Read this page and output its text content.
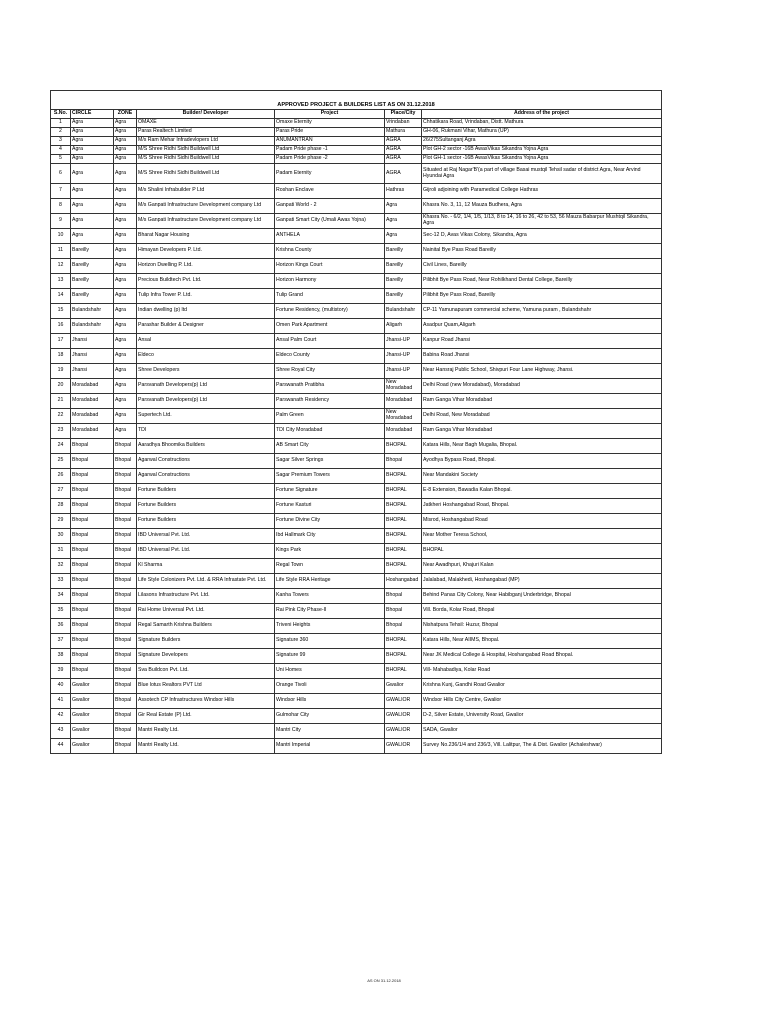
APPROVED PROJECT & BUILDERS LIST AS ON 31.12.2018
S.No.	CIRCLE	ZONE	Builder/ Developer	Project	Place/City	Address of the project
1	Agra	Agra	OMAXE	Omaxe Eternity	Vrindaban	Chhatikara Road, Vrindaban, Distt. Mathura
2	Agra	Agra	Paras Realtech Limited	Paras Pride	Mathura	GH-06, Rukmani Vihar, Mathura (UP)
3	Agra	Agra	M/s Ram Mehar Infradevlopers Ltd	ANUMANTRAN	AGRA	26/275Sultanganj Agra
4	Agra	Agra	M/S Shree Ridhi Sidhi Buildwell Ltd	Padam Pride phase -1	AGRA	Plot GH-2 sector -16B AwasVikas Sikandra Yojna Agra
5	Agra	Agra	M/S Shree Ridhi Sidhi Buildwell Ltd	Padam Pride phase -2	AGRA	Plot GH-1 sector -16B AwasVikas Sikandra Yojna Agra
6	Agra	Agra	M/S Shree Ridhi Sidhi Buildwell Ltd	Padam Eternity	AGRA	Situated at Raj Nagar'B'(a part of village Basai mustqil Tehsil sadar of district Agra, Near Arvind Hyundai Agra
7	Agra	Agra	M/s Shalini Infrabuilder P Ltd	Roshan Enclave	Hathras	Gijroli adjoining with Paramedical College Hathras
8	Agra	Agra	M/s Ganpati Infrastructure Development company Ltd	Ganpati World - 2	Agra	Khasra No. 3, 11, 12 Mauza Budhera, Agra
9	Agra	Agra	M/s Ganpati Infrastructure Development company Ltd	Ganpati Smart City (Umali Awas Yojna)	Agra	Khasra No. - 6/2, 1/4, 1/5, 1/13, 8 to 14, 16 to 26, 42 to 53, 56 Mauza Babarpur Mushtqil Sikandra, Agra
10	Agra	Agra	Bharat Nagar Housing	ANTHELA	Agra	Sec-12 D, Avas Vikas Colony, Sikandra, Agra
11	Bareilly	Agra	Himayan Developers P. Ltd.	Krishna County	Bareilly	Nainital Bye Pass Road Bareilly
12	Bareilly	Agra	Horizon Dwelling P. Ltd.	Horizon Kings Court	Bareilly	Civil Lines, Bareilly
13	Bareilly	Agra	Precious Buildtech Pvt. Ltd.	Horizon Harmony	Bareilly	Pilibhit Bye Pass Road, Near Rohilkhand Dental College, Bareilly
14	Bareilly	Agra	Tulip Infra Tower P. Ltd.	Tulip Grand	Bareilly	Pilibhit Bye Pass Road, Bareilly
15	Bulandshahr	Agra	Indian dwelling (p) ltd	Fortune Residency, (multistory)	Bulandshahr	CP-11 Yamunapuram commercial scheme, Yamuna puram , Bulandshahr
16	Bulandshahr	Agra	Parashar Builder & Designer	Omen Park Apartment	Aligarh	Asadpur Quam,Aligarh
17	Jhansi	Agra	Ansal	Ansal Palm Court	Jhansi-UP	Kanpur Road Jhansi
18	Jhansi	Agra	Eldeco	Eldeco County	Jhansi-UP	Babina Road Jhansi
19	Jhansi	Agra	Shree Developers	Shree Royal City	Jhansi-UP	Near Hansraj Public School, Shivpuri Four Lane Highway, Jhansi.
20	Moradabad	Agra	Parsvanath Developers(p) Ltd	Parswanath Pratibha	New Moradabad	Delhi Road (new Moradabad), Moradabad
21	Moradabad	Agra	Parsvanath Developers(p) Ltd	Parswanath Residency	Moradabad	Ram Ganga Vihar Moradabad
22	Moradabad	Agra	Supertech Ltd.	Palm Green	New Moradabad	Delhi Road, New Moradabad
23	Moradabad	Agra	TDI	TDI City Moradabad	Moradabad	Ram Ganga Vihar Moradabad
24	Bhopal	Bhopal	Aaradhya Bhoomika Builders	AB Smart City	BHOPAL	Katara Hills, Near Bagh Mugalia, Bhopal.
25	Bhopal	Bhopal	Agarwal Constructions	Sagar Silver Springs	Bhopal	Ayodhya Bypass Road, Bhopal.
26	Bhopal	Bhopal	Agarwal Constructions	Sagar Premium Towers	BHOPAL	Near Mandakini Society
27	Bhopal	Bhopal	Fortune Builders	Fortune Signature	BHOPAL	E-8 Extension, Bawadia Kalan Bhopal.
28	Bhopal	Bhopal	Fortune Builders	Fortune Kasturi	BHOPAL	Jatkheri Hoshangabad Road, Bhopal.
29	Bhopal	Bhopal	Fortune Builders	Fortune Divine City	BHOPAL	Misrod, Hoshangabad Road
30	Bhopal	Bhopal	IBD Universal Pvt. Ltd.	Ibd Hallmark City	BHOPAL	Near Mother Teresa School,
31	Bhopal	Bhopal	IBD Universal Pvt. Ltd.	Kings Park	BHOPAL	BHOPAL
32	Bhopal	Bhopal	Kl Sharma	Regal Town	BHOPAL	Near Awadhpuri, Khajuri Kalan
33	Bhopal	Bhopal	Life Style Colonizers Pvt. Ltd. & RRA Infrastate Pvt. Ltd.	Life Style RRA Heritage	Hoshangabad	Jalalabad, Malakhedi, Hoshangabad (MP)
34	Bhopal	Bhopal	Lilasons Infrastructure Pvt. Ltd.	Kanha Towers	Bhopal	Behind Panas City Colony, Near Habibganj Underbridge, Bhopal
35	Bhopal	Bhopal	Rai Home Universal Pvt. Ltd.	Rai Pink City Phase-II	Bhopal	Vill. Borda, Kolar Road, Bhopal
36	Bhopal	Bhopal	Regal Samarth Krishna Builders	Triveni Heights	Bhopal	Nishatpura Tehsil: Huzur, Bhopal
37	Bhopal	Bhopal	Signature Builders	Signature 360	BHOPAL	Katara Hills, Near AIIMS, Bhopal.
38	Bhopal	Bhopal	Signature Developers	Signature 99	BHOPAL	Near JK Medical College & Hospital, Hoshangabad Road Bhopal.
39	Bhopal	Bhopal	Sva Buildcon Pvt. Ltd.	Uni Homes	BHOPAL	Vill- Mahabadiya, Kolar Road
40	Gwalior	Bhopal	Blue lotus Realtors PVT Ltd	Orange Tivoli	Gwalior	Krishna Kunj, Gandhi Road Gwalior
41	Gwalior	Bhopal	Assotech CP Infrastructures Windsor Hills	Windsor Hills	GWALIOR	Windsor Hills City Centre, Gwalior
42	Gwalior	Bhopal	Gir Real Estate (P) Ltd.	Gulmohar City	GWALIOR	D-2, Silver Estate, University Road, Gwalior
43	Gwalior	Bhopal	Mantri Realty Ltd.	Mantri City	GWALIOR	SADA, Gwalior
44	Gwalior	Bhopal	Mantri Realty Ltd.	Mantri Imperial	GWALIOR	Survey No.236/1/4 and 236/3, Vill. Lalitpur, The & Dist. Gwalior (Achaleshwar)
AS ON 31.12.2018
